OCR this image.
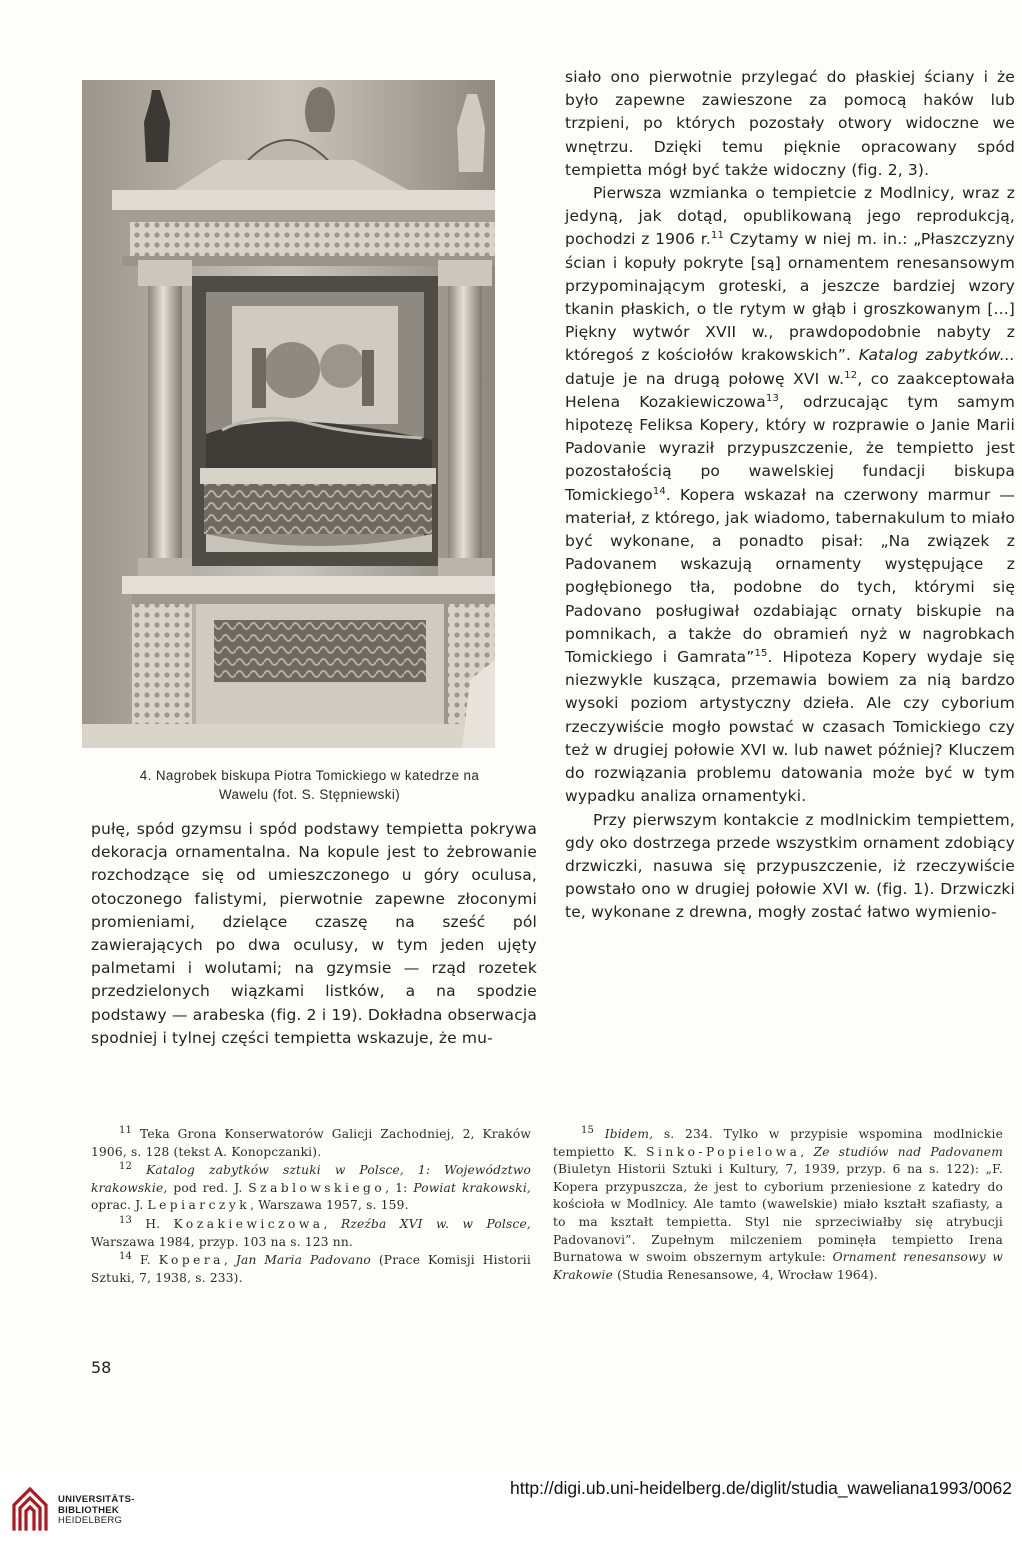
4. Nagrobek biskupa Piotra Tomickiego w katedrze na
Wawelu (fot. S. Stępniewski)

pułę, spód gzymsu i spód podstawy tempietta pokrywa dekoracja ornamentalna. Na kopule jest to żebrowanie rozchodzące się od umieszczonego u góry oculusa, otoczonego falistymi, pierwotnie zapewne złoconymi promieniami, dzielące czaszę na sześć pól zawierających po dwa oculusy, w tym jeden ujęty palmetami i wolutami; na gzymsie — rząd rozetek przedzielonych wiązkami listków, a na spodzie podstawy — arabeska (fig. 2 i 19). Dokładna obserwacja spodniej i tylnej części tempietta wskazuje, że mu-

siało ono pierwotnie przylegać do płaskiej ściany i że było zapewne zawieszone za pomocą haków lub trzpieni, po których pozostały otwory widoczne we wnętrzu. Dzięki temu pięknie opracowany spód tempietta mógł być także widoczny (fig. 2, 3).

Pierwsza wzmianka o tempietcie z Modlnicy, wraz z jedyną, jak dotąd, opublikowaną jego reprodukcją, pochodzi z 1906 r.$^{11}$ Czytamy w niej m. in.: „Płaszczyzny ścian i kopuły pokryte [są] ornamentem renesansowym przypominającym groteski, a jeszcze bardziej wzory tkanin płaskich, o tle rytym w głąb i groszkowanym [...] Piękny wytwór XVII w., prawdopodobnie nabyty z któregoś z kościołów krakowskich”. Katalog zabytków... datuje je na drugą połowę XVI w.$^{12}$, co zaakceptowała Helena Kozakiewiczowa$^{13}$, odrzucając tym samym hipotezę Feliksa Kopery, który w rozprawie o Janie Marii Padovanie wyraził przypuszczenie, że tempietto jest pozostałością po wawelskiej fundacji biskupa Tomickiego$^{14}$. Kopera wskazał na czerwony marmur — materiał, z którego, jak wiadomo, tabernakulum to miało być wykonane, a ponadto pisał: „Na związek z Padovanem wskazują ornamenty występujące z pogłębionego tła, podobne do tych, którymi się Padovano posługiwał ozdabiając ornaty biskupie na pomnikach, a także do obramień nyż w nagrobkach Tomickiego i Gamrata”$^{15}$. Hipoteza Kopery wydaje się niezwykle kusząca, przemawia bowiem za nią bardzo wysoki poziom artystyczny dzieła. Ale czy cyborium rzeczywiście mogło powstać w czasach Tomickiego czy też w drugiej połowie XVI w. lub nawet później? Kluczem do rozwiązania problemu datowania może być w tym wypadku analiza ornamentyki.

Przy pierwszym kontakcie z modlnickim tempiettem, gdy oko dostrzega przede wszystkim ornament zdobiący drzwiczki, nasuwa się przypuszczenie, iż rzeczywiście powstało ono w drugiej połowie XVI w. (fig. 1). Drzwiczki te, wykonane z drewna, mogły zostać łatwo wymienio-

$^{11}$ Teka Grona Konserwatorów Galicji Zachodniej, 2, Kraków 1906, s. 128 (tekst A. Konopczanki).

$^{12}$ Katalog zabytków sztuki w Polsce, 1: Województwo krakowskie, pod red. J. Szablowskiego, 1: Powiat krakowski, oprac. J. Lepiarczyk, Warszawa 1957, s. 159.

$^{13}$ H. Kozakiewiczowa, Rzeźba XVI w. w Polsce, Warszawa 1984, przyp. 103 na s. 123 nn.

$^{14}$ F. Kopera, Jan Maria Padovano (Prace Komisji Historii Sztuki, 7, 1938, s. 233).

$^{15}$ Ibidem, s. 234. Tylko w przypisie wspomina modlnickie tempietto K. Sinko-Popielowa, Ze studiów nad Padovanem (Biuletyn Historii Sztuki i Kultury, 7, 1939, przyp. 6 na s. 122): „F. Kopera przypuszcza, że jest to cyborium przeniesione z katedry do kościoła w Modlnicy. Ale tamto (wawelskie) miało kształt szafiasty, a to ma kształt tempietta. Styl nie sprzeciwiałby się atrybucji Padovanovi”. Zupełnym milczeniem pominęła tempietto Irena Burnatowa w swoim obszernym artykule: Ornament renesansowy w Krakowie (Studia Renesansowe, 4, Wrocław 1964).

58
UNIVERSITÄTS-
BIBLIOTHEK
HEIDELBERG
http://digi.ub.uni-heidelberg.de/diglit/studia_waweliana1993/0062
